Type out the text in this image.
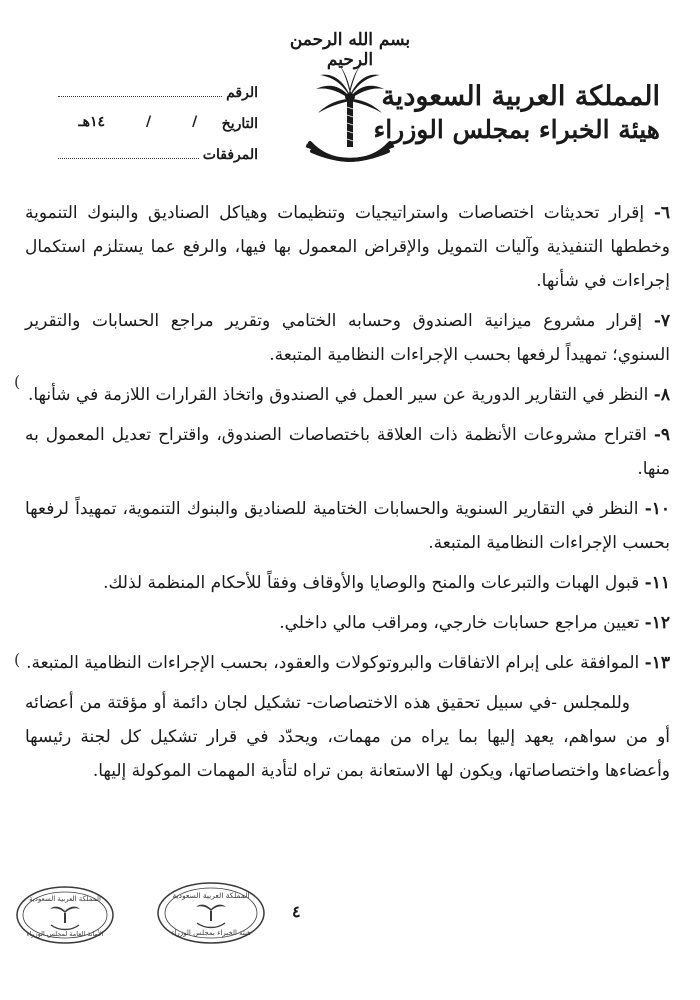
بسم الله الرحمن الرحيم
المملكة العربية السعودية
هيئة الخبراء بمجلس الوزراء
الرقم
التاريخ
/
/
١٤هـ
المرفقات
٦- إقرار تحديثات اختصاصات واستراتيجيات وتنظيمات وهياكل الصناديق والبنوك التنموية وخططها التنفيذية وآليات التمويل والإقراض المعمول بها فيها، والرفع عما يستلزم استكمال إجراءات في شأنها.
٧- إقرار مشروع ميزانية الصندوق وحسابه الختامي وتقرير مراجع الحسابات والتقرير السنوي؛ تمهيداً لرفعها بحسب الإجراءات النظامية المتبعة.
٨- النظر في التقارير الدورية عن سير العمل في الصندوق واتخاذ القرارات اللازمة في شأنها.
٩- اقتراح مشروعات الأنظمة ذات العلاقة باختصاصات الصندوق، واقتراح تعديل المعمول به منها.
١٠- النظر في التقارير السنوية والحسابات الختامية للصناديق والبنوك التنموية، تمهيداً لرفعها بحسب الإجراءات النظامية المتبعة.
١١- قبول الهبات والتبرعات والمنح والوصايا والأوقاف وفقاً للأحكام المنظمة لذلك.
١٢- تعيين مراجع حسابات خارجي، ومراقب مالي داخلي.
١٣- الموافقة على إبرام الاتفاقات والبروتوكولات والعقود، بحسب الإجراءات النظامية المتبعة.
وللمجلس -في سبيل تحقيق هذه الاختصاصات- تشكيل لجان دائمة أو مؤقتة من أعضائه أو من سواهم، يعهد إليها بما يراه من مهمات، ويحدّد في قرار تشكيل كل لجنة رئيسها وأعضاءها واختصاصاتها، ويكون لها الاستعانة بمن تراه لتأدية المهمات الموكولة إليها.
)
)
٤
المملكة العربية السعودية
الأمانة العامة لمجلس الوزراء
المملكة العربية السعودية
هيئة الخبراء بمجلس الوزراء
